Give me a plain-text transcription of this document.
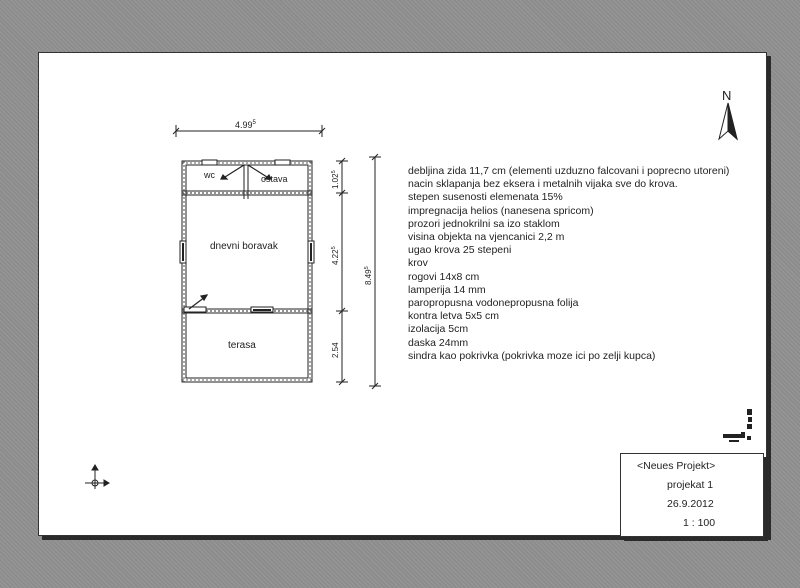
4.99$^5$
wc	ostava
dnevni boravak
terasa
1.02$^5$
4.22$^5$
2.54
8.49$^5$
N
debljina zida 11,7 cm (elementi uzduzno falcovani i poprecno utoreni)
nacin sklapanja bez eksera i metalnih vijaka sve do krova.
stepen susenosti elemenata 15%
impregnacija helios (nanesena spricom)
prozori jednokrilni sa izo staklom
visina objekta na vjencanici 2,2 m
ugao krova 25 stepeni
krov
rogovi 14x8 cm
lamperija 14 mm
paropropusna vodonepropusna folija
kontra letva 5x5 cm
izolacija 5cm
daska 24mm
sindra kao pokrivka (pokrivka moze ici po zelji kupca)
<Neues Projekt>
projekat 1
26.9.2012
1 : 100
